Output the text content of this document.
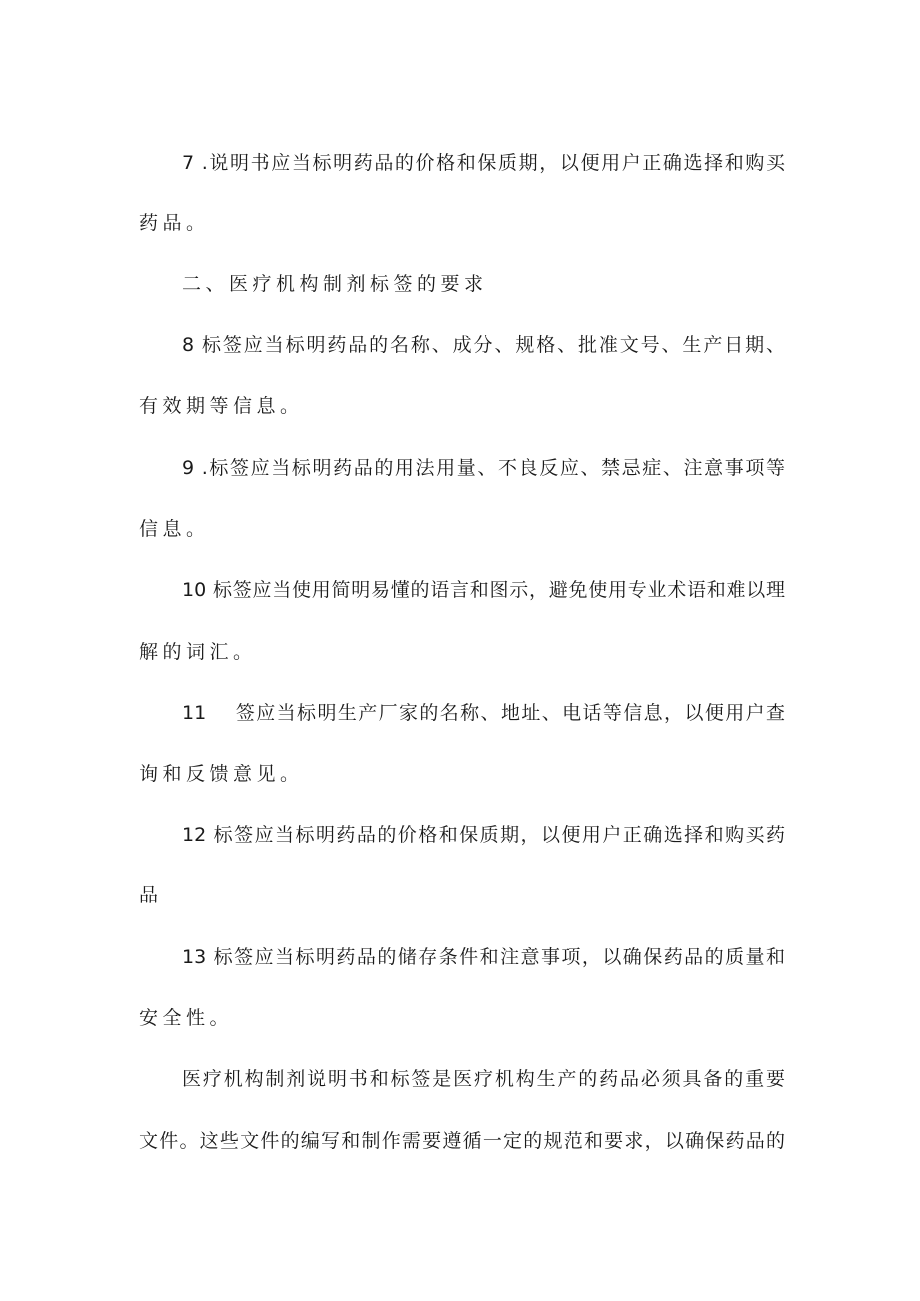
7 .说明书应当标明药品的价格和保质期，以便用户正确选择和购买
药品。
二、医疗机构制剂标签的要求
8 标签应当标明药品的名称、成分、规格、批准文号、生产日期、
有效期等信息。
9 .标签应当标明药品的用法用量、不良反应、禁忌症、注意事项等
信息。
10 标签应当使用简明易懂的语言和图示，避免使用专业术语和难以理
解的词汇。
11    签应当标明生产厂家的名称、地址、电话等信息，以便用户查
询和反馈意见。
12 标签应当标明药品的价格和保质期，以便用户正确选择和购买药
品
13 标签应当标明药品的储存条件和注意事项，以确保药品的质量和
安全性。
医疗机构制剂说明书和标签是医疗机构生产的药品必须具备的重要
文件。这些文件的编写和制作需要遵循一定的规范和要求，以确保药品的
